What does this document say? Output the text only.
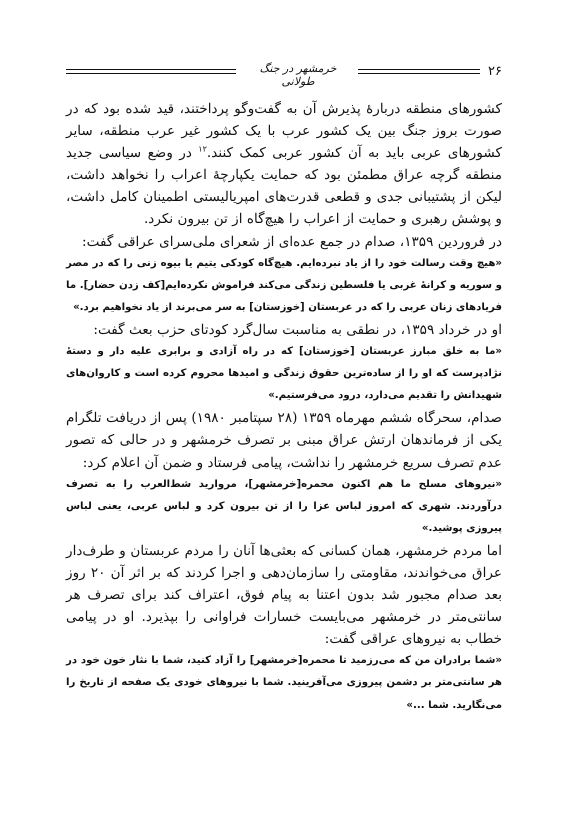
خرمشهر در جنگ طولانی
۲۶

کشورهای منطقه دربارهٔ پذیرش آن به گفت‌وگو پرداختند، قید شده بود که در صورت بروز جنگ بین یک کشور عرب با یک کشور غیر عرب منطقه، سایر کشورهای عربی باید به آن کشور عربی کمک کنند.$^{۱۲}$ در وضع سیاسی جدید منطقه گرچه عراق مطمئن بود که حمایت یکپارچهٔ اعراب را نخواهد داشت، لیکن از پشتیبانی جدی و قطعی قدرت‌های امپریالیستی اطمینان کامل داشت، و پوشش رهبری و حمایت از اعراب را هیچ‌گاه از تن بیرون نکرد.

در فروردین ۱۳۵۹، صدام در جمع عده‌ای از شعرای ملی‌سرای عراقی گفت:

«هیچ وقت رسالت خود را از یاد نبرده‌ایم. هیچ‌گاه کودکی یتیم یا بیوه زنی را که در مصر و سوریه و کرانهٔ غربی یا فلسطین زندگی می‌کند فراموش نکرده‌ایم[کف زدن حضار]. ما فریادهای زنان عربی را که در عربستان [خوزستان] به سر می‌برند از یاد نخواهیم برد.»

او در خرداد ۱۳۵۹، در نطقی به مناسبت سال‌گرد کودتای حزب بعث گفت:

«ما به خلق مبارز عربستان [خوزستان] که در راه آزادی و برابری علیه دار و دستهٔ نژادپرست که او را از ساده‌ترین حقوق زندگی و امیدها محروم کرده است و کاروان‌های شهیدانش را تقدیم می‌دارد، درود می‌فرستیم.»

صدام، سحرگاه ششم مهرماه ۱۳۵۹ (۲۸ سپتامبر ۱۹۸۰) پس از دریافت تلگرام یکی از فرماندهان ارتش عراق مبنی بر تصرف خرمشهر و در حالی که تصور عدم تصرف سریع خرمشهر را نداشت، پیامی فرستاد و ضمن آن اعلام کرد:

«نیروهای مسلح ما هم اکنون محمره[خرمشهر]، مروارید شط‌العرب را به تصرف درآوردند. شهری که امروز لباس عزا را از تن بیرون کرد و لباس عربی، یعنی لباس پیروزی پوشید.»

اما مردم خرمشهر، همان کسانی که بعثی‌ها آنان را مردم عربستان و طرف‌دار عراق می‌خواندند، مقاومتی را سازمان‌دهی و اجرا کردند که بر اثر آن ۲۰ روز بعد صدام مجبور شد بدون اعتنا به پیام فوق، اعتراف کند برای تصرف هر سانتی‌متر در خرمشهر می‌بایست خسارات فراوانی را بپذیرد. او در پیامی خطاب به نیروهای عراقی گفت:

«شما برادران من که می‌رزمید تا محمره[خرمشهر] را آزاد کنید، شما با نثار خون خود در هر سانتی‌متر بر دشمن پیروزی می‌آفرینید. شما با نیروهای خودی یک صفحه از تاریخ را می‌نگارید. شما ...»
